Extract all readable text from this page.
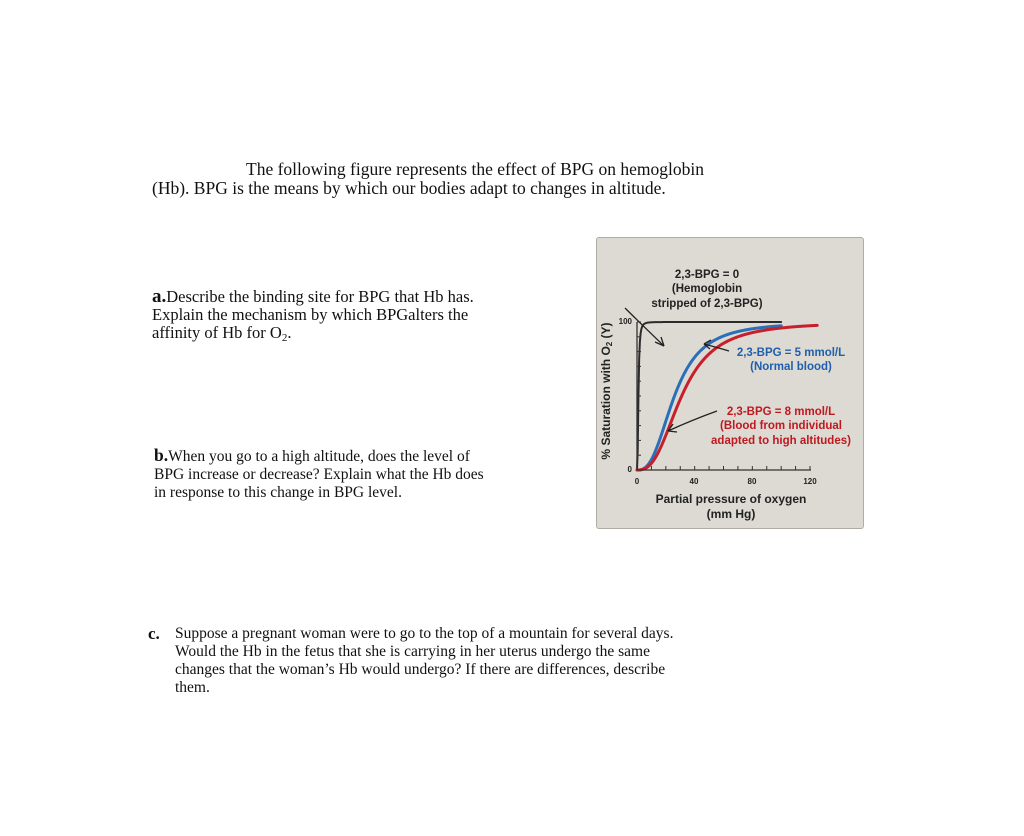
The following figure represents the effect of BPG on hemoglobin
(Hb). BPG is the means by which our bodies adapt to changes in altitude.
a.Describe the binding site for BPG that Hb has.
Explain the mechanism by which BPGalters the
affinity of Hb for $O_2$.
b.When you go to a high altitude, does the level of
BPG increase or decrease? Explain what the Hb does
in response to this change in BPG level.
c. Suppose a pregnant woman were to go to the top of a mountain for several days.
Would the Hb in the fetus that she is carrying in her uterus undergo the same
changes that the woman’s Hb would undergo? If there are differences, describe
them.
100
0
0	40	80	120
Partial pressure of oxygen
(mm Hg)
% Saturation with O2 (Y)
2,3-BPG = 0
(Hemoglobin
stripped of 2,3-BPG)
2,3-BPG = 5 mmol/L
(Normal blood)
2,3-BPG = 8 mmol/L
(Blood from individual
adapted to high altitudes)
